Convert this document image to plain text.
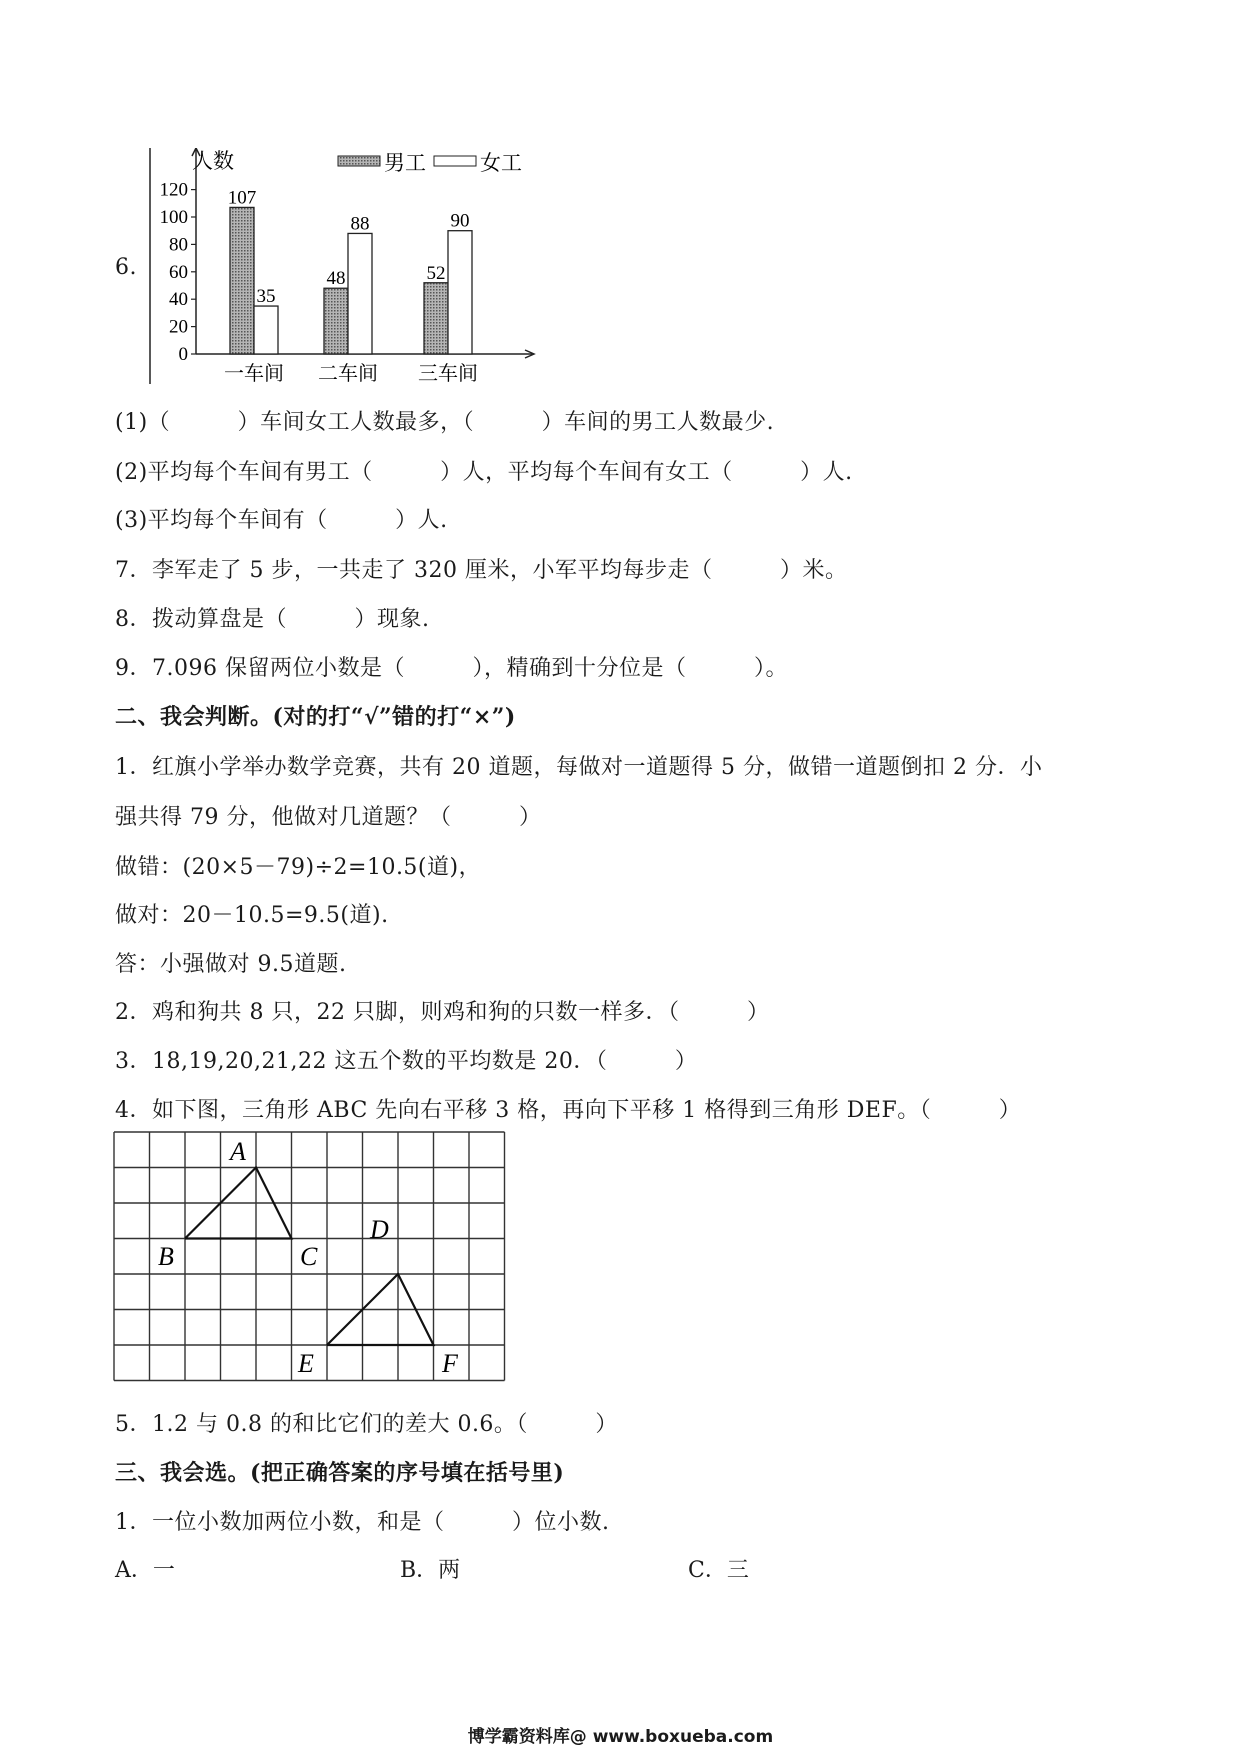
6.
人数
0
20
40
60
80
100
120
男工	女工
107
35
一车间
48
88
二车间
52
90
三车间
(1)（　　　）车间女工人数最多，（　　　）车间的男工人数最少.
(2)平均每个车间有男工（　　　）人，平均每个车间有女工（　　　）人.
(3)平均每个车间有（　　　）人.
7．李军走了 5 步，一共走了 320 厘米，小军平均每步走（　　　）米。
8．拨动算盘是（　　　）现象.
9．7.096 保留两位小数是（　　　），精确到十分位是（　　　）。
二、我会判断。(对的打“√”错的打“×”)
1．红旗小学举办数学竞赛，共有 20 道题，每做对一道题得 5 分，做错一道题倒扣 2 分．小
强共得 79 分，他做对几道题？（　　　）
做错：(20×5－79)÷2=10.5(道)，
做对：20－10.5=9.5(道).
答：小强做对 9.5道题.
2．鸡和狗共 8 只，22 只脚，则鸡和狗的只数一样多．（　　　）
3．18,19,20,21,22 这五个数的平均数是 20．（　　　）
4．如下图，三角形 ABC 先向右平移 3 格，再向下平移 1 格得到三角形 DEF。（　　　）
A
B	C
D
E	F
5．1.2 与 0.8 的和比它们的差大 0.6。（　　　）
三、我会选。(把正确答案的序号填在括号里)
1．一位小数加两位小数，和是（　　　）位小数.
A．一	B．两	C．三
博学霸资料库@ www.boxueba.com
